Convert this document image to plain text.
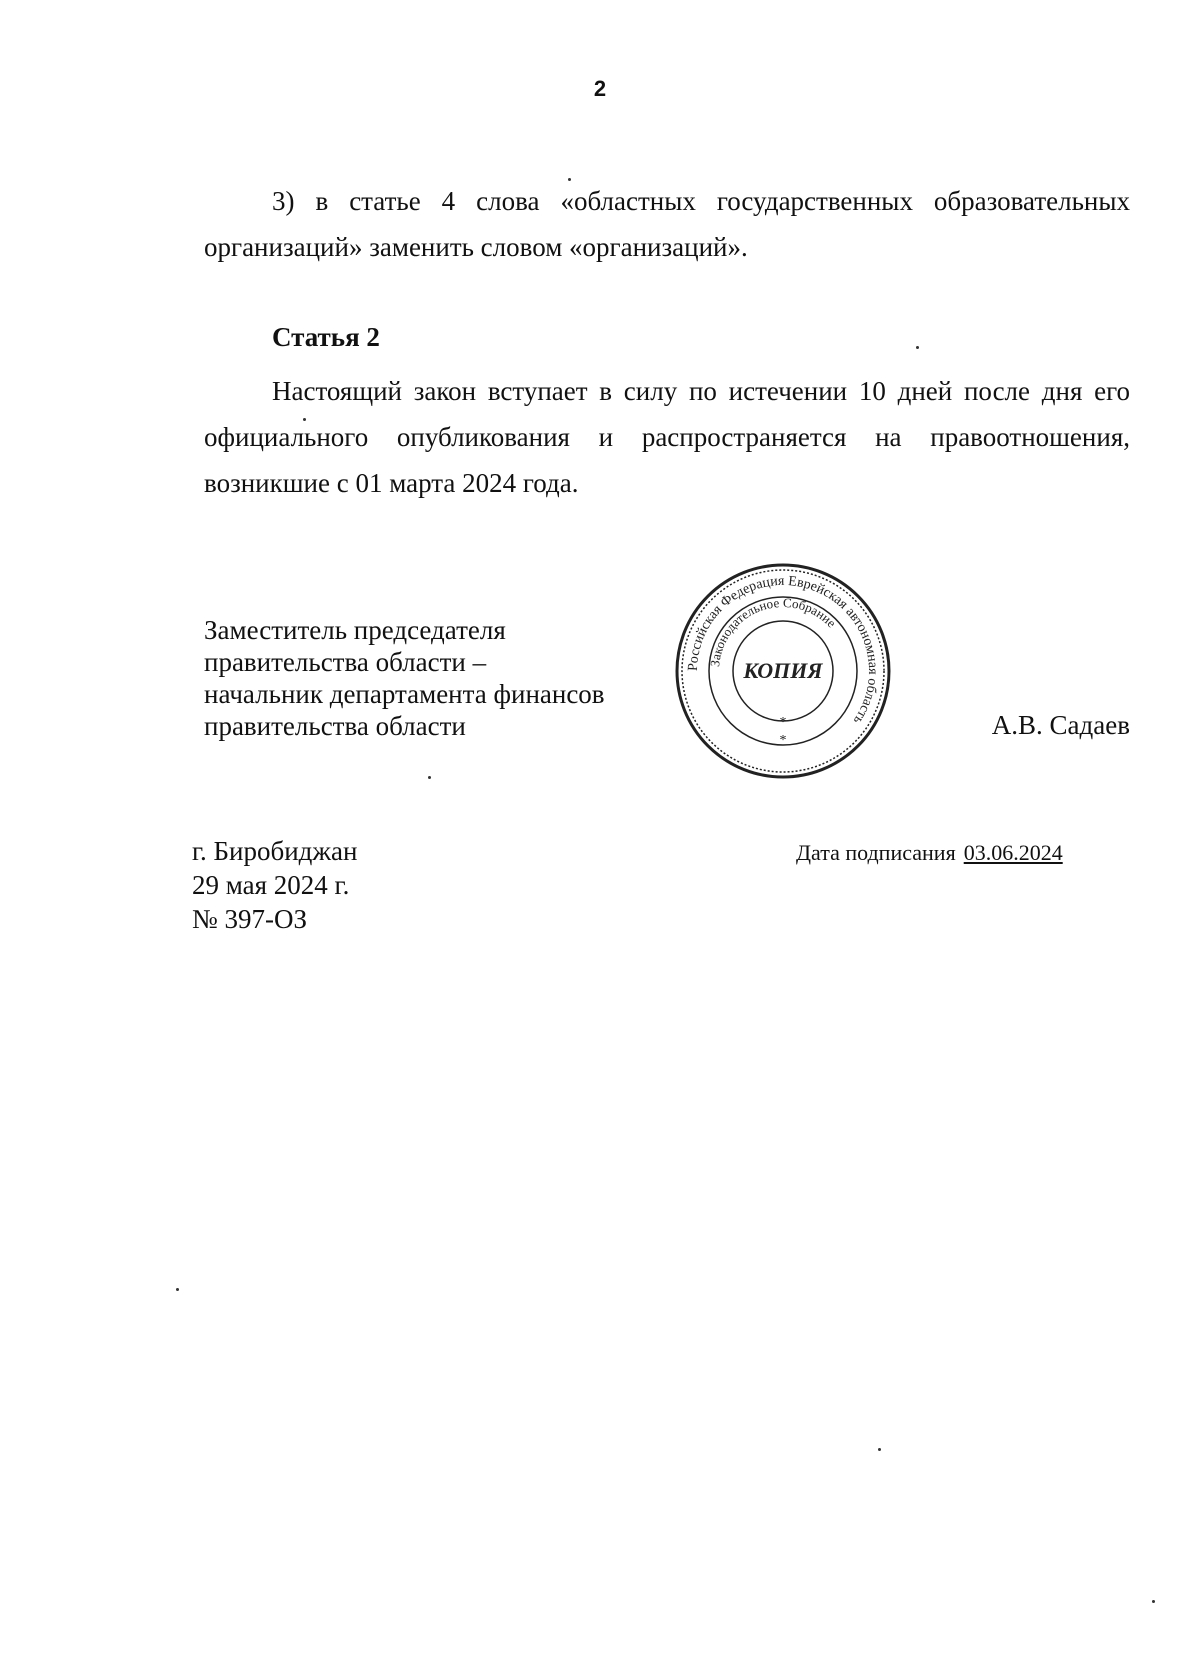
2

3) в статье 4 слова «областных государственных образовательных организаций» заменить словом «организаций».

Статья 2

Настоящий закон вступает в силу по истечении 10 дней после дня его официального опубликования и распространяется на правоотношения, возникшие с 01 марта 2024 года.

Заместитель председателя
правительства области –
начальник департамента финансов
правительства области
Российская Федерация Еврейская автономная область
Законодательное Собрание
КОПИЯ
*
*
А.В. Садаев
г. Биробиджан
29 мая 2024 г.
№ 397-ОЗ
Дата подписания 03.06.2024
